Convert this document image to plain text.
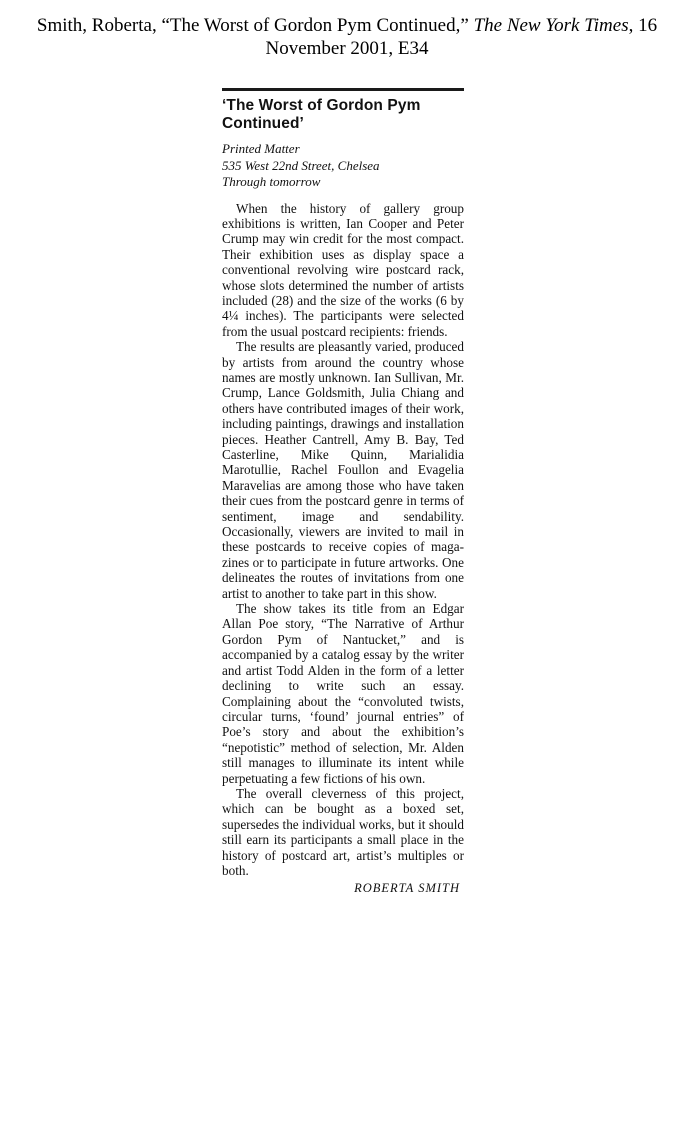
Smith, Roberta, “The Worst of Gordon Pym Continued,” The New York Times, 16
November 2001, E34
‘The Worst of Gordon Pym Continued’
Printed Matter
535 West 22nd Street, Chelsea
Through tomorrow

When the history of gallery group exhibitions is written, Ian Cooper and Peter Crump may win credit for the most compact. Their exhibition uses as display space a conventional revolving wire postcard rack, whose slots determined the number of artists included (28) and the size of the works (6 by 4¼ inches). The participants were selected from the usual postcard recipients: friends.

The results are pleasantly varied, produced by artists from around the country whose names are mostly unknown. Ian Sullivan, Mr. Crump, Lance Goldsmith, Julia Chiang and others have contributed images of their work, including paintings, drawings and installation pieces. Heather Cantrell, Amy B. Bay, Ted Casterline, Mike Quinn, Marialidia Marotullie, Rachel Foullon and Evagelia Maravelias are among those who have taken their cues from the postcard genre in terms of sentiment, image and sendability. Occasionally, viewers are invited to mail in these postcards to receive copies of magazines or to participate in future artworks. One delineates the routes of invitations from one artist to another to take part in this show.

The show takes its title from an Edgar Allan Poe story, “The Narrative of Arthur Gordon Pym of Nantucket,” and is accompanied by a catalog essay by the writer and artist Todd Alden in the form of a letter declining to write such an essay. Complaining about the “convoluted twists, circular turns, ‘found’ journal entries” of Poe’s story and about the exhibition’s “nepotistic” method of selection, Mr. Alden still manages to illuminate its intent while perpetuating a few fictions of his own.

The overall cleverness of this project, which can be bought as a boxed set, supersedes the individual works, but it should still earn its participants a small place in the history of postcard art, artist’s multiples or both.

ROBERTA SMITH
